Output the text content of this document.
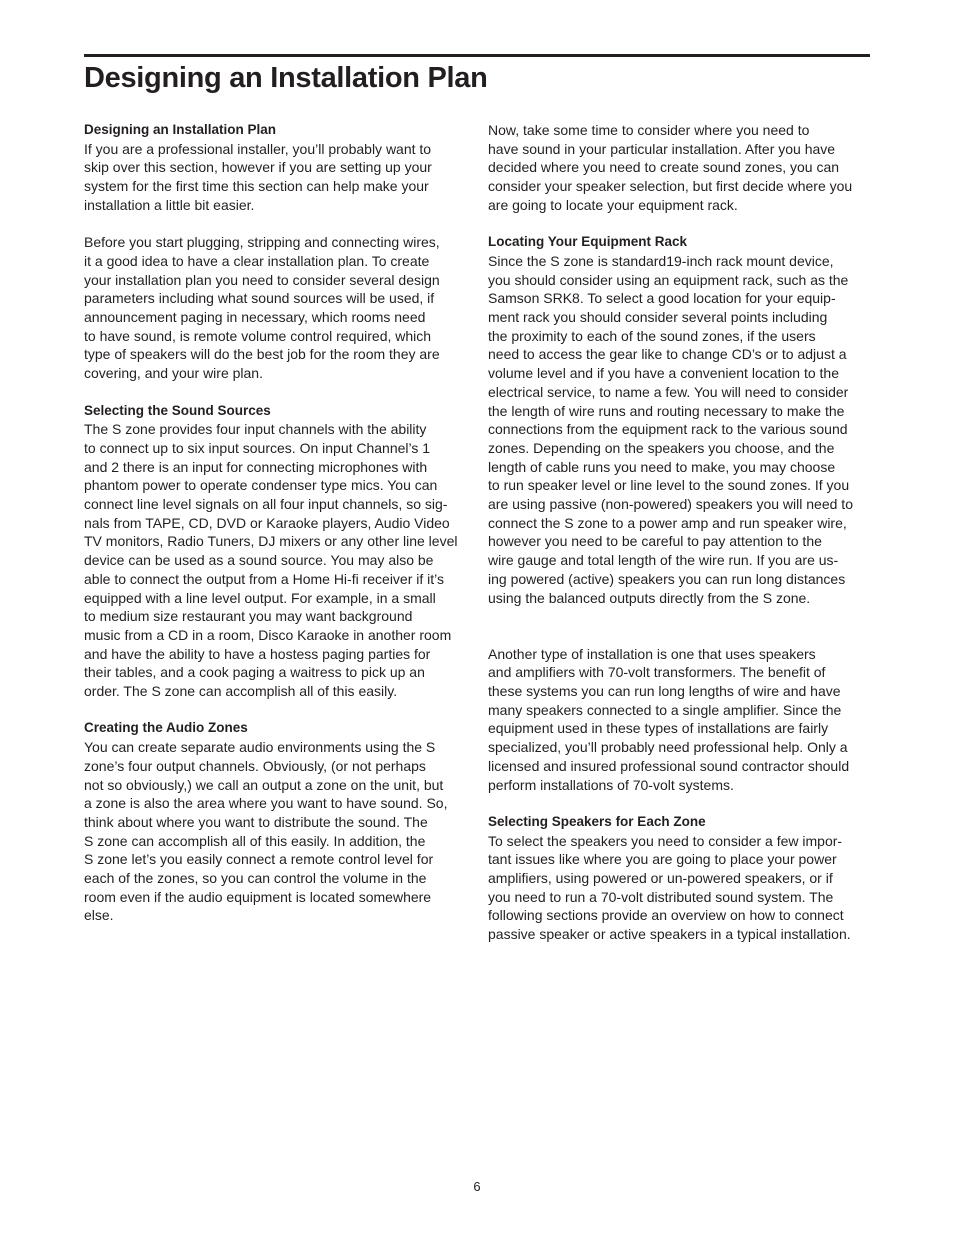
Designing an Installation Plan
Designing an Installation Plan
If you are a professional installer, you’ll probably want to
skip over this section, however if you are setting up your
system for the first time this section can help make your
installation a little bit easier.
Before you start plugging, stripping and connecting wires,
it a good idea to have a clear installation plan. To create
your installation plan you need to consider several design
parameters including what sound sources will be used, if
announcement paging in necessary, which rooms need
to have sound, is remote volume control required, which
type of speakers will do the best job for the room they are
covering, and your wire plan.
Selecting the Sound Sources
The S zone provides four input channels with the ability
to connect up to six input sources. On input Channel’s 1
and 2 there is an input for connecting microphones with
phantom power to operate condenser type mics. You can
connect line level signals on all four input channels, so sig-
nals from TAPE, CD, DVD or Karaoke players, Audio Video
TV monitors, Radio Tuners, DJ mixers or any other line level
device can be used as a sound source. You may also be
able to connect the output from a Home Hi-fi receiver if it’s
equipped with a line level output. For example, in a small
to medium size restaurant you may want background
music from a CD in a room, Disco Karaoke in another room
and have the ability to have a hostess paging parties for
their tables, and a cook paging a waitress to pick up an
order. The S zone can accomplish all of this easily.
Creating the Audio Zones
You can create separate audio environments using the S
zone’s four output channels. Obviously, (or not perhaps
not so obviously,) we call an output a zone on the unit, but
a zone is also the area where you want to have sound. So,
think about where you want to distribute the sound. The
S zone can accomplish all of this easily. In addition, the
S zone let’s you easily connect a remote control level for
each of the zones, so you can control the volume in the
room even if the audio equipment is located somewhere
else.
Now, take some time to consider where you need to
have sound in your particular installation. After you have
decided where you need to create sound zones, you can
consider your speaker selection, but first decide where you
are going to locate your equipment rack.
Locating Your Equipment Rack
Since the S zone is standard19-inch rack mount device,
you should consider using an equipment rack, such as the
Samson SRK8. To select a good location for your equip-
ment rack you should consider several points including
the proximity to each of the sound zones, if the users
need to access the gear like to change CD’s or to adjust a
volume level and if you have a convenient location to the
electrical service, to name a few. You will need to consider
the length of wire runs and routing necessary to make the
connections from the equipment rack to the various sound
zones. Depending on the speakers you choose, and the
length of cable runs you need to make, you may choose
to run speaker level or line level to the sound zones. If you
are using passive (non-powered) speakers you will need to
connect the S zone to a power amp and run speaker wire,
however you need to be careful to pay attention to the
wire gauge and total length of the wire run. If you are us-
ing powered (active) speakers you can run long distances
using the balanced outputs directly from the S zone.
Another type of installation is one that uses speakers
and amplifiers with 70-volt transformers. The benefit of
these systems you can run long lengths of wire and have
many speakers connected to a single amplifier. Since the
equipment used in these types of installations are fairly
specialized, you’ll probably need professional help. Only a
licensed and insured professional sound contractor should
perform installations of 70-volt systems.
Selecting Speakers for Each Zone
To select the speakers you need to consider a few impor-
tant issues like where you are going to place your power
amplifiers, using powered or un-powered speakers, or if
you need to run a 70-volt distributed sound system. The
following sections provide an overview on how to connect
passive speaker or active speakers in a typical installation.
6
